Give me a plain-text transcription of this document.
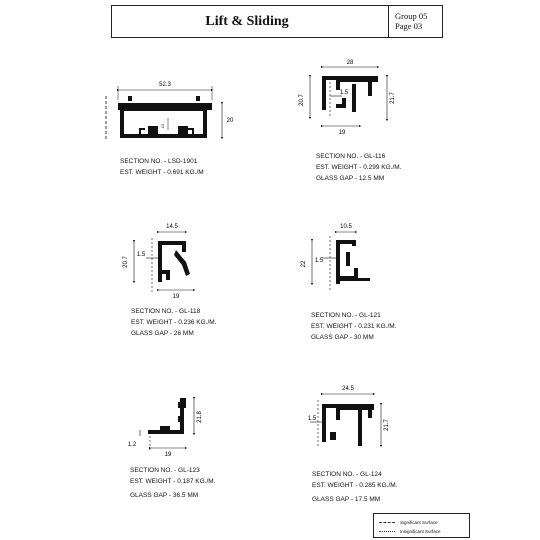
Lift & Sliding	Group 05
Page 03
52.3
20
12
28
20.7
1.5	21.7
19
14.5
20.7
1.5
19
10.5
22 1.5
21.8
1.2
19
24.5
1.5
21.7
SECTION NO. - LSD-1901
EST. WEIGHT - 0.691 KG./M
SECTION NO. - GL-116
EST. WEIGHT - 0.299 KG./M.
GLASS GAP - 12.5 MM
SECTION NO. - GL-118
EST. WEIGHT - 0.236 KG./M.
GLASS GAP - 26 MM
SECTION NO. - GL-121
EST. WEIGHT - 0.231 KG./M.
GLASS GAP - 30 MM
SECTION NO. - GL-123
EST. WEIGHT - 0.187 KG./M.
GLASS GAP - 36.5 MM
SECTION NO. - GL-124
EST. WEIGHT - 0.285 KG./M.
GLASS GAP - 17.5 MM
Significant Surface
Insignificant Surface
